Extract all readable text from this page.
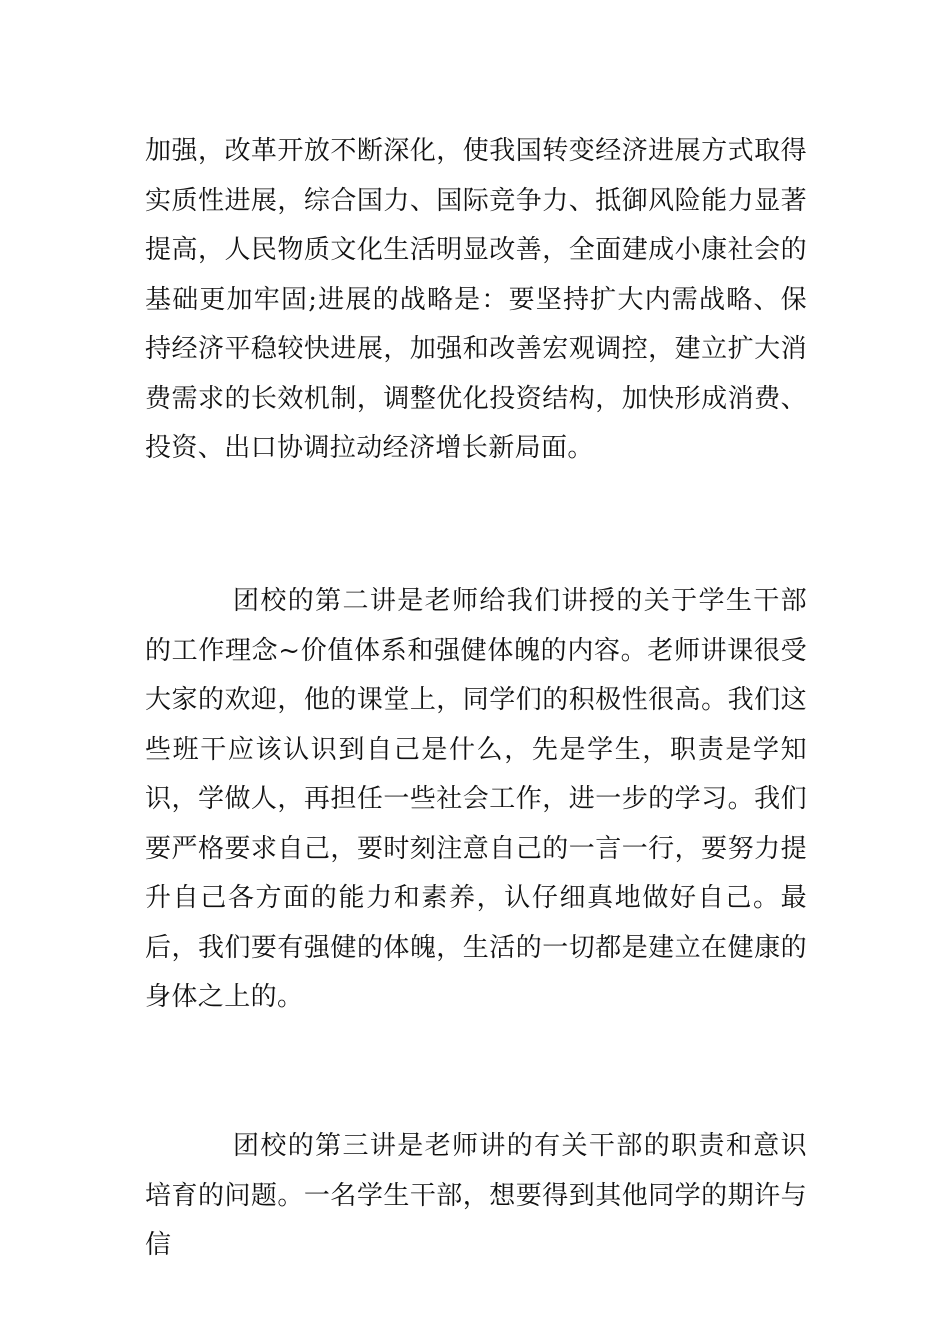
加强，改革开放不断深化，使我国转变经济进展方式取得实质性进展，综合国力、国际竞争力、抵御风险能力显著提高，人民物质文化生活明显改善，全面建成小康社会的基础更加牢固;进展的战略是：要坚持扩大内需战略、保持经济平稳较快进展，加强和改善宏观调控，建立扩大消费需求的长效机制，调整优化投资结构，加快形成消费、投资、出口协调拉动经济增长新局面。

团校的第二讲是老师给我们讲授的关于学生干部的工作理念~价值体系和强健体魄的内容。老师讲课很受大家的欢迎，他的课堂上，同学们的积极性很高。我们这些班干应该认识到自己是什么，先是学生，职责是学知识，学做人，再担任一些社会工作，进一步的学习。我们要严格要求自己，要时刻注意自己的一言一行，要努力提升自己各方面的能力和素养，认仔细真地做好自己。最后，我们要有强健的体魄，生活的一切都是建立在健康的身体之上的。

团校的第三讲是老师讲的有关干部的职责和意识培育的问题。一名学生干部，想要得到其他同学的期许与信
